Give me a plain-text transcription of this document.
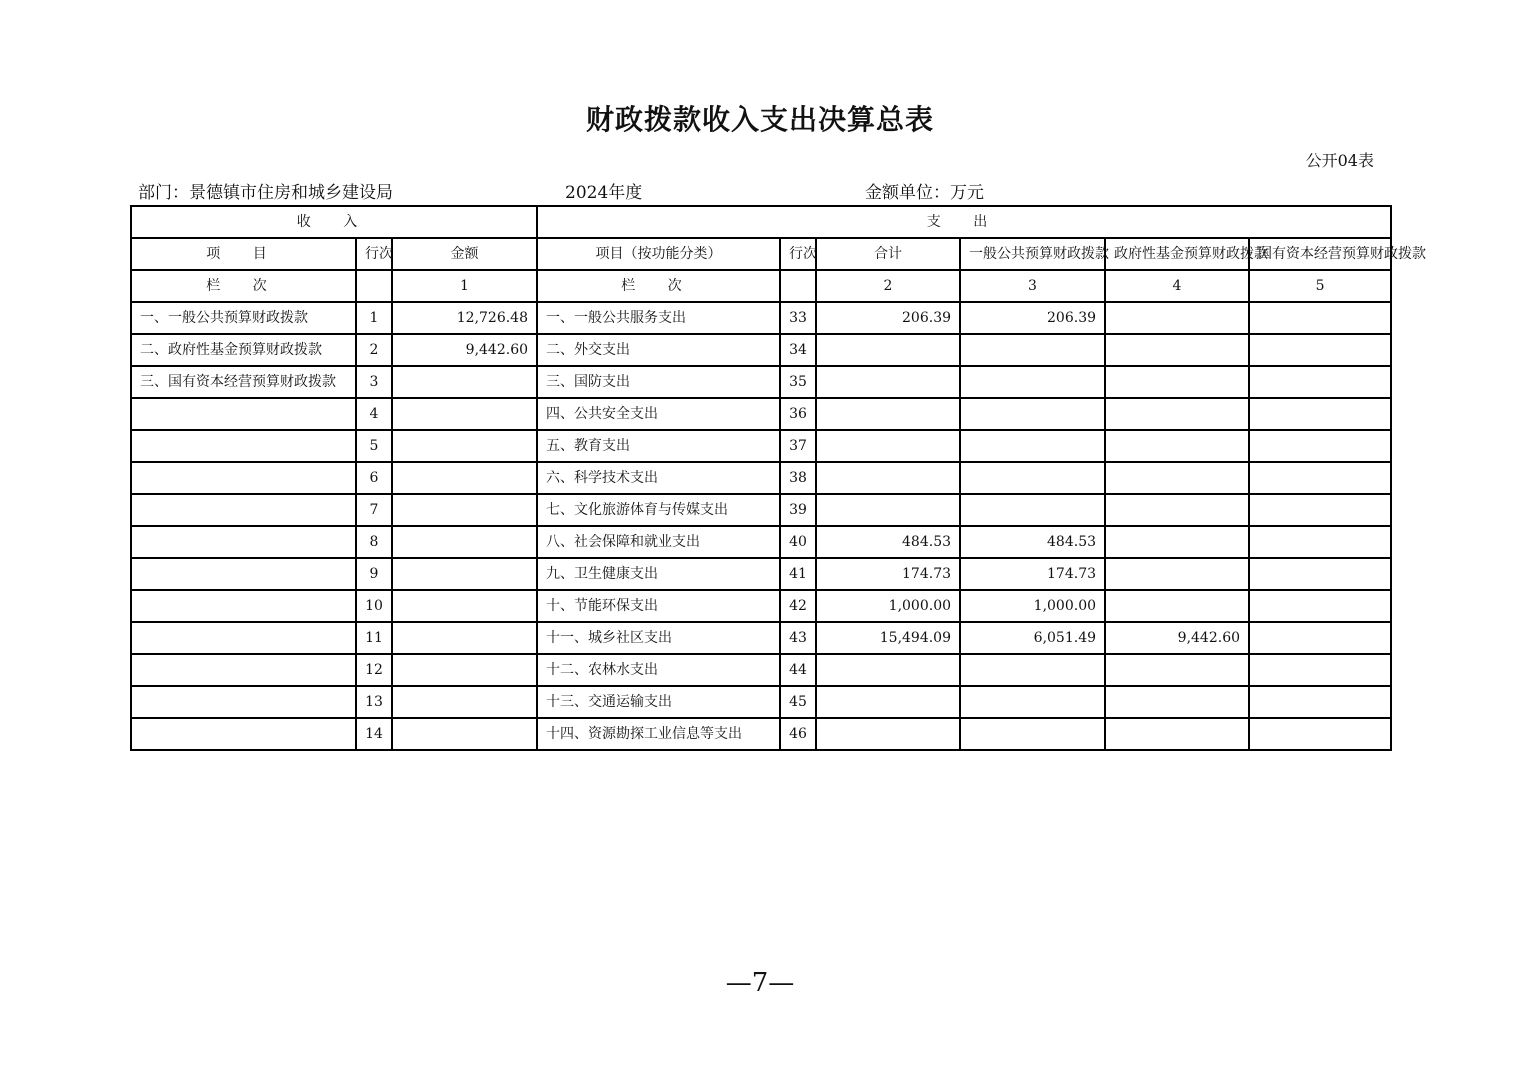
财政拨款收入支出决算总表
公开04表
部门：景德镇市住房和城乡建设局	2024年度	金额单位：万元
收 入			支 出					
项 目	行次	金额	项目（按功能分类）	行次	合计	一般公共预算财政拨款	政府性基金预算财政拨款	国有资本经营预算财政拨款
栏 次		1	栏 次		2	3	4	5
一、一般公共预算财政拨款	1	12,726.48	一、一般公共服务支出	33	206.39	206.39		
二、政府性基金预算财政拨款	2	9,442.60	二、外交支出	34				
三、国有资本经营预算财政拨款	3		三、国防支出	35				
	4		四、公共安全支出	36				
	5		五、教育支出	37				
	6		六、科学技术支出	38				
	7		七、文化旅游体育与传媒支出	39				
	8		八、社会保障和就业支出	40	484.53	484.53		
	9		九、卫生健康支出	41	174.73	174.73		
	10		十、节能环保支出	42	1,000.00	1,000.00		
	11		十一、城乡社区支出	43	15,494.09	6,051.49	9,442.60	
	12		十二、农林水支出	44				
	13		十三、交通运输支出	45				
	14		十四、资源勘探工业信息等支出	46				
—7—
